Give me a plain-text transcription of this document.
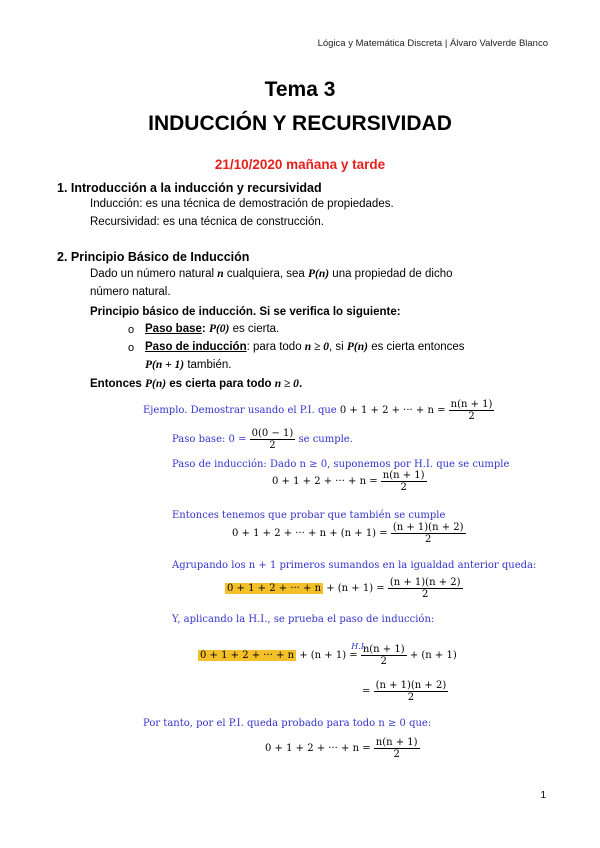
Lógica y Matemática Discreta | Álvaro Valverde Blanco
Tema 3
INDUCCIÓN Y RECURSIVIDAD
21/10/2020 mañana y tarde
1. Introducción a la inducción y recursividad
Inducción: es una técnica de demostración de propiedades.
Recursividad: es una técnica de construcción.
2. Principio Básico de Inducción
Dado un número natural n cualquiera, sea P(n) una propiedad de dicho
número natural.
Principio básico de inducción. Si se verifica lo siguiente:
o Paso base: P(0) es cierta.
o Paso de inducción: para todo n ≥ 0, si P(n) es cierta entonces
P(n + 1) también.
Entonces P(n) es cierta para todo n ≥ 0.
Ejemplo. Demostrar usando el P.I. que 0 + 1 + 2 + ··· + $n = \frac{n(n + 1)}{2}$
Paso base: $0 = \frac{0(0 - 1)}{2}$ se cumple.
Paso de inducción: Dado n ≥ 0, suponemos por H.I. que se cumple
0 + 1 + 2 + ··· + $n = \frac{n(n + 1)}{2}$
Entonces tenemos que probar que también se cumple
0 + 1 + 2 + ··· + $n + (n + 1) = \frac{(n + 1)(n + 2)}{2}$
Agrupando los n + 1 primeros sumandos en la igualdad anterior queda:
0 + 1 + 2 + ··· + $n + (n + 1) = \frac{(n + 1)(n + 2)}{2}$
Y, aplicando la H.I., se prueba el paso de inducción:
0 + 1 + 2 + ··· + n + (n + 1)
H.I.
= $\frac{n(n + 1)}{2} + (n + 1)$
= $\frac{(n + 1)(n + 2)}{2}$
Por tanto, por el P.I. queda probado para todo n ≥ 0 que:
0 + 1 + 2 + ··· + $n = \frac{n(n + 1)}{2}$
1
